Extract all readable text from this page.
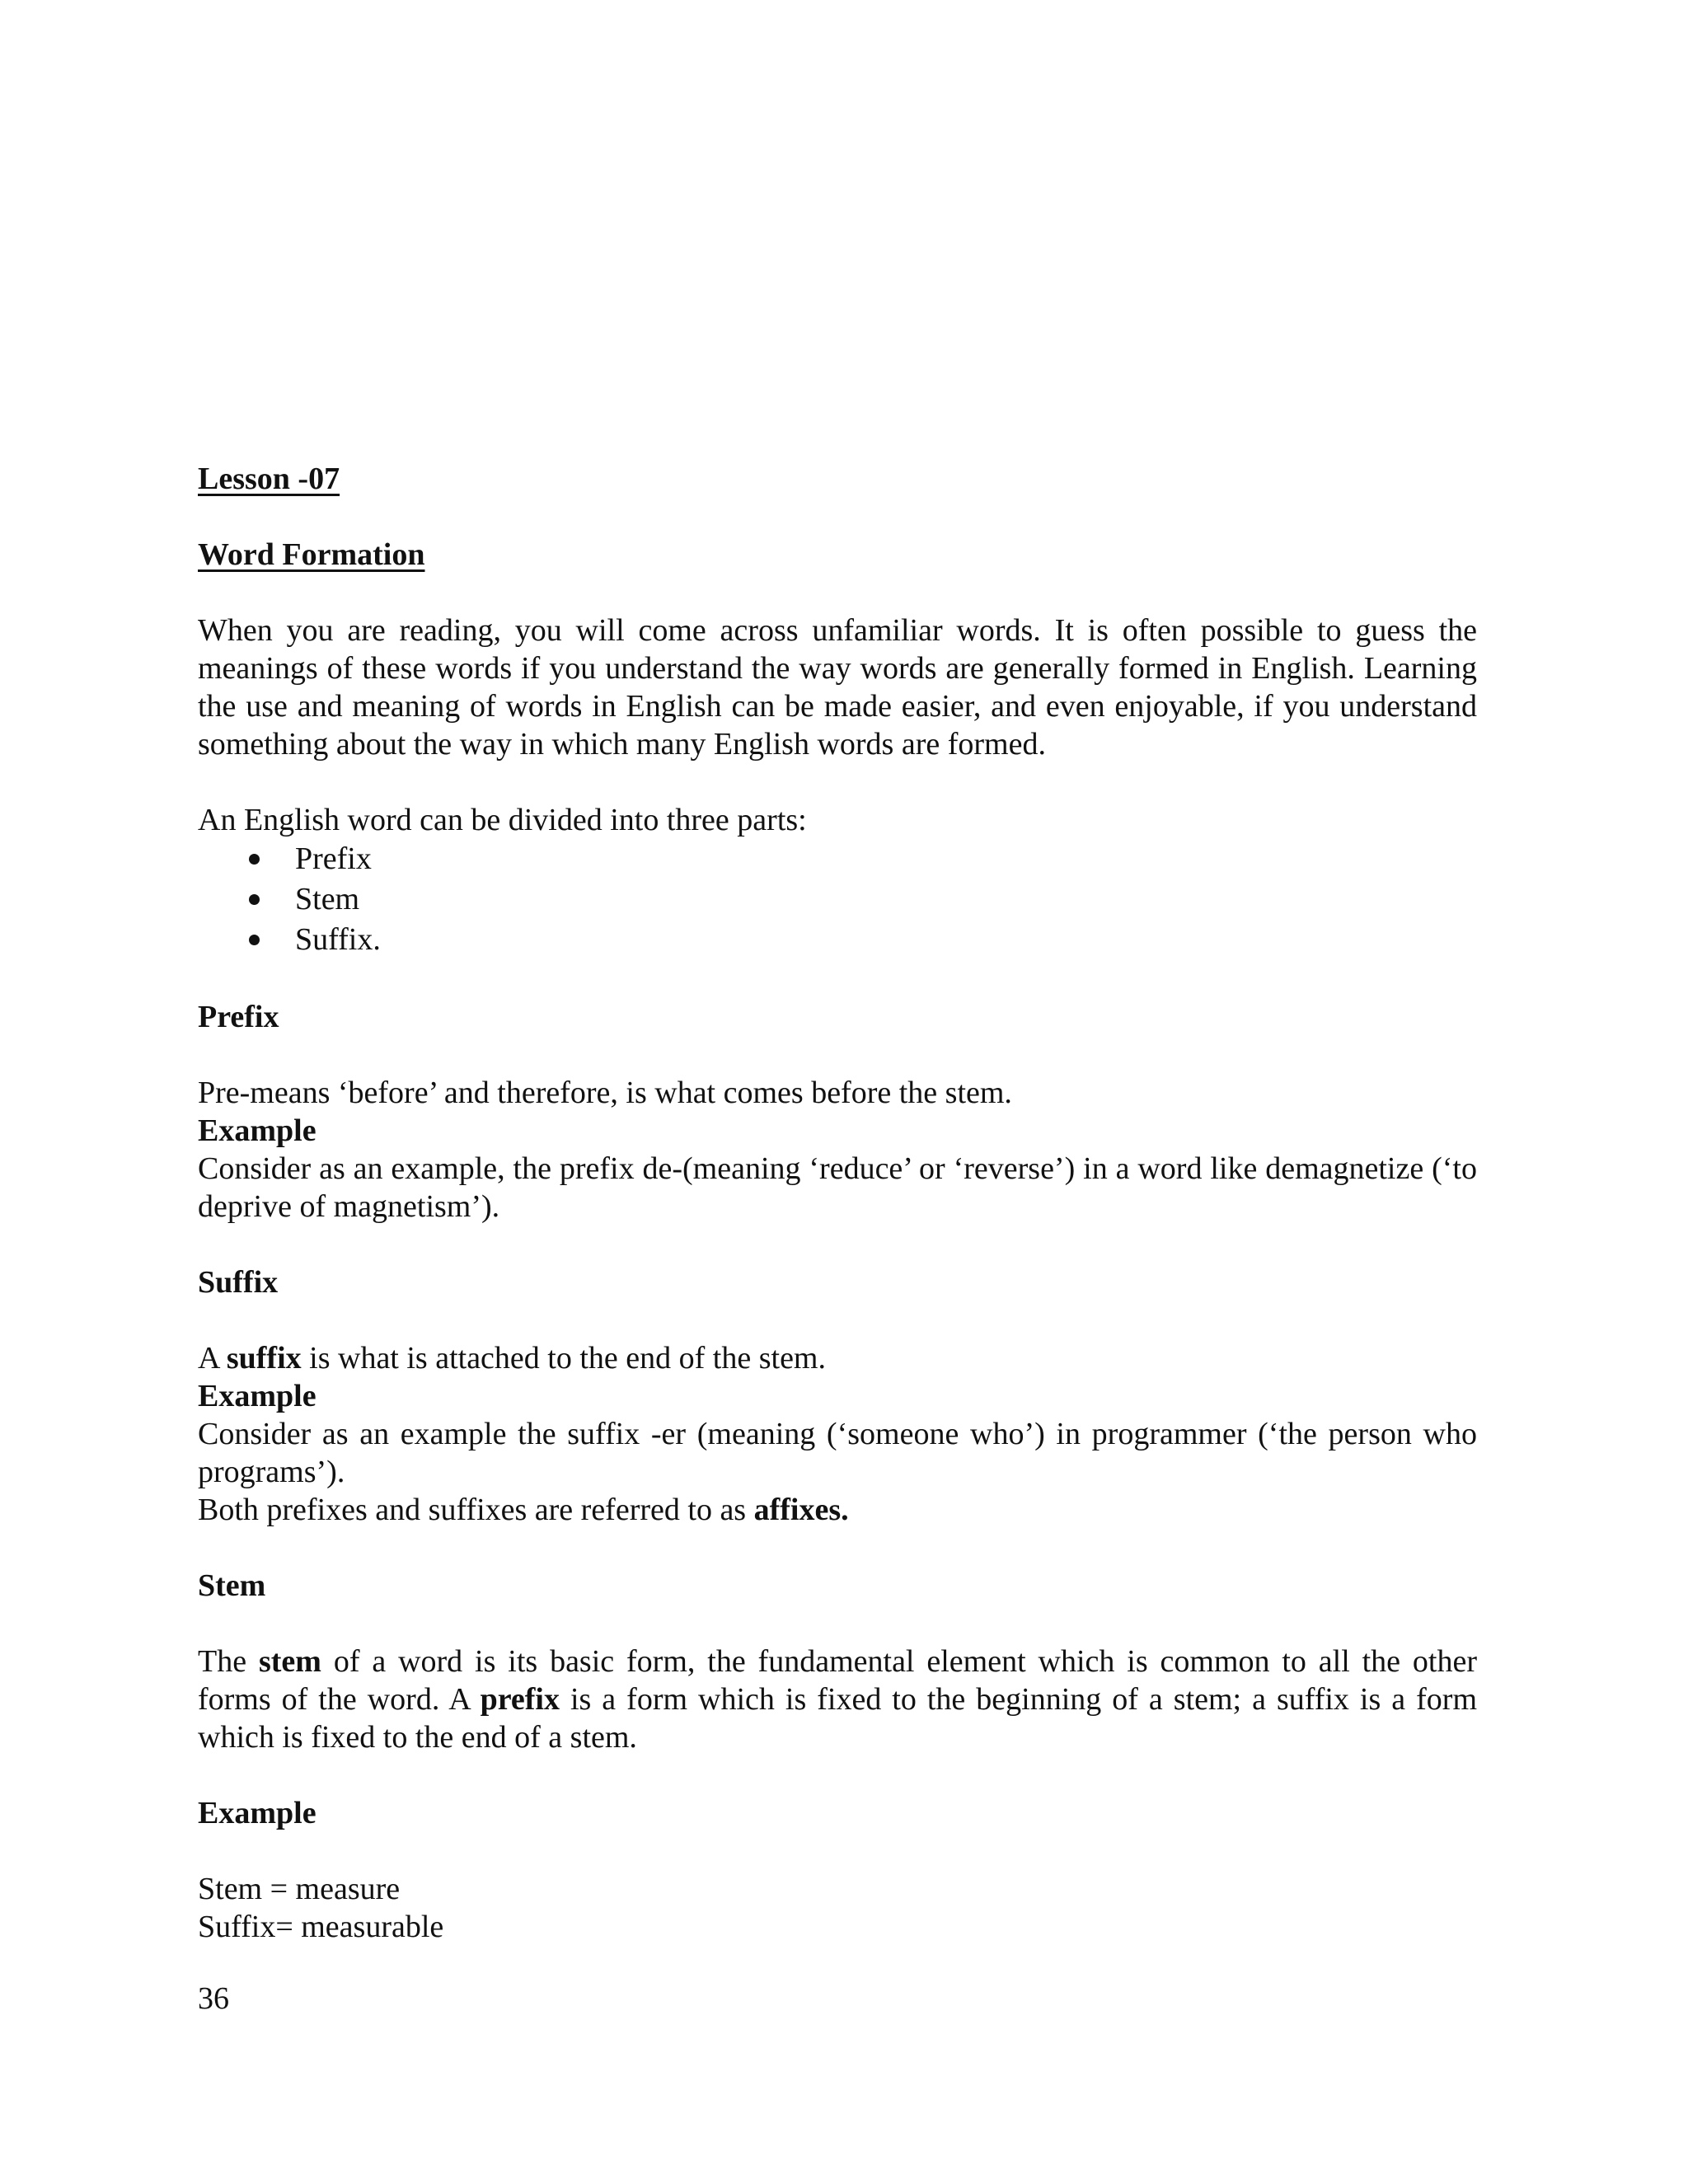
Lesson -07
Word Formation
When you are reading, you will come across unfamiliar words. It is often possible to guess the meanings of these words if you understand the way words are generally formed in English. Learning the use and meaning of words in English can be made easier, and even enjoyable, if you understand something about the way in which many English words are formed.
An English word can be divided into three parts:
Prefix
Stem
Suffix.
Prefix
Pre-means ‘before’ and therefore, is what comes before the stem.
Example
Consider as an example, the prefix de-(meaning ‘reduce’ or ‘reverse’) in a word like demagnetize (‘to deprive of magnetism’).
Suffix
A suffix is what is attached to the end of the stem.
Example
Consider as an example the suffix -er (meaning (‘someone who’) in programmer (‘the person who programs’).
Both prefixes and suffixes are referred to as affixes.
Stem
The stem of a word is its basic form, the fundamental element which is common to all the other forms of the word. A prefix is a form which is fixed to the beginning of a stem; a suffix is a form which is fixed to the end of a stem.
Example
Stem = measure
Suffix= measurable
36
